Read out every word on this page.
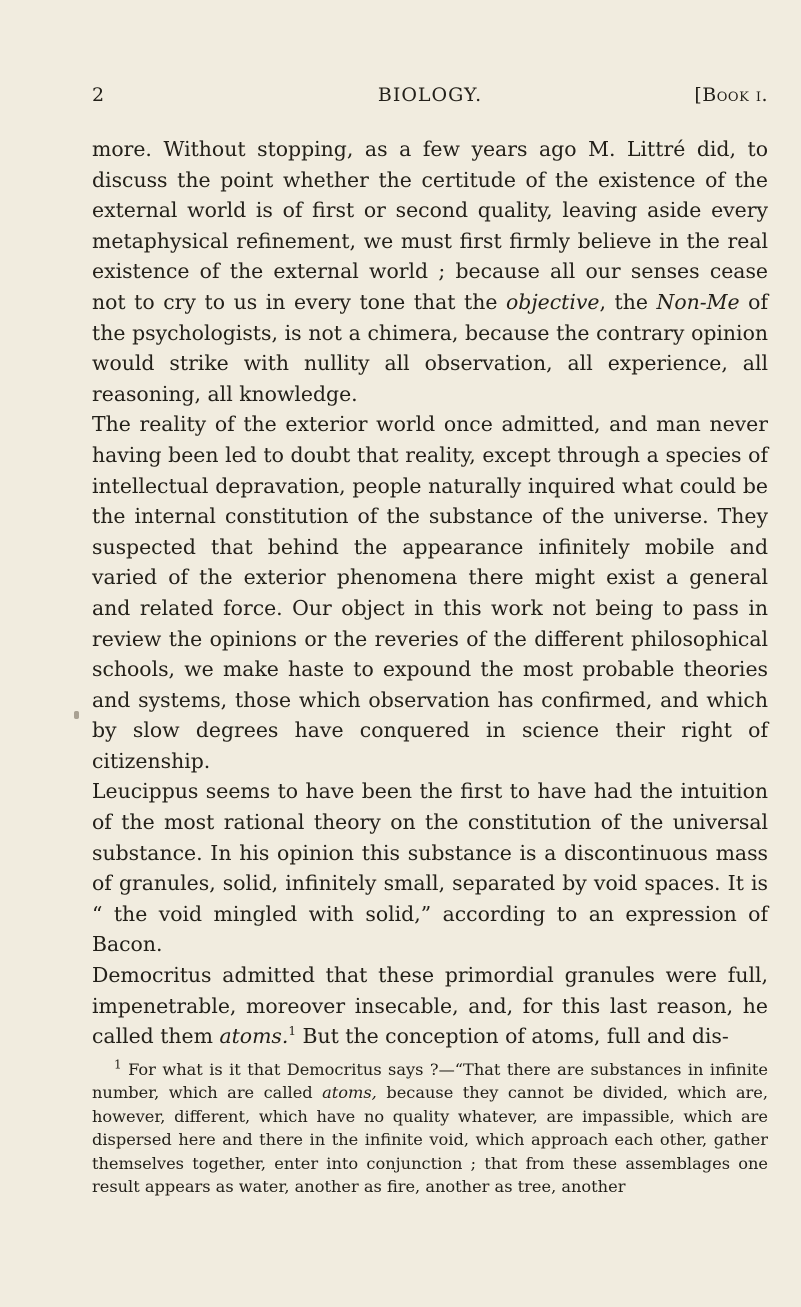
2	BIOLOGY.	[Book i.

more. Without stopping, as a few years ago M. Littré did, to discuss the point whether the certitude of the existence of the external world is of first or second quality, leaving aside every metaphysical refinement, we must first firmly believe in the real existence of the external world ; because all our senses cease not to cry to us in every tone that the objective, the Non-Me of the psychologists, is not a chimera, because the contrary opinion would strike with nullity all observation, all experience, all reasoning, all knowledge.

The reality of the exterior world once admitted, and man never having been led to doubt that reality, except through a species of intellectual depravation, people naturally inquired what could be the internal constitution of the substance of the universe. They suspected that behind the appearance infinitely mobile and varied of the exterior phenomena there might exist a general and related force. Our object in this work not being to pass in review the opinions or the reveries of the different philosophical schools, we make haste to expound the most probable theories and systems, those which observation has confirmed, and which by slow degrees have conquered in science their right of citizenship.

Leucippus seems to have been the first to have had the intuition of the most rational theory on the constitution of the universal substance. In his opinion this substance is a discontinuous mass of granules, solid, infinitely small, separated by void spaces. It is “ the void mingled with solid,” according to an expression of Bacon.

Democritus admitted that these primordial granules were full, impenetrable, moreover insecable, and, for this last reason, he called them atoms.$^1$ But the conception of atoms, full and dis-

$^1$ For what is it that Democritus says ?—“That there are substances in infinite number, which are called atoms, because they cannot be divided, which are, however, different, which have no quality whatever, are impassible, which are dispersed here and there in the infinite void, which approach each other, gather themselves together, enter into conjunction ; that from these assemblages one result appears as water, another as fire, another as tree, another
